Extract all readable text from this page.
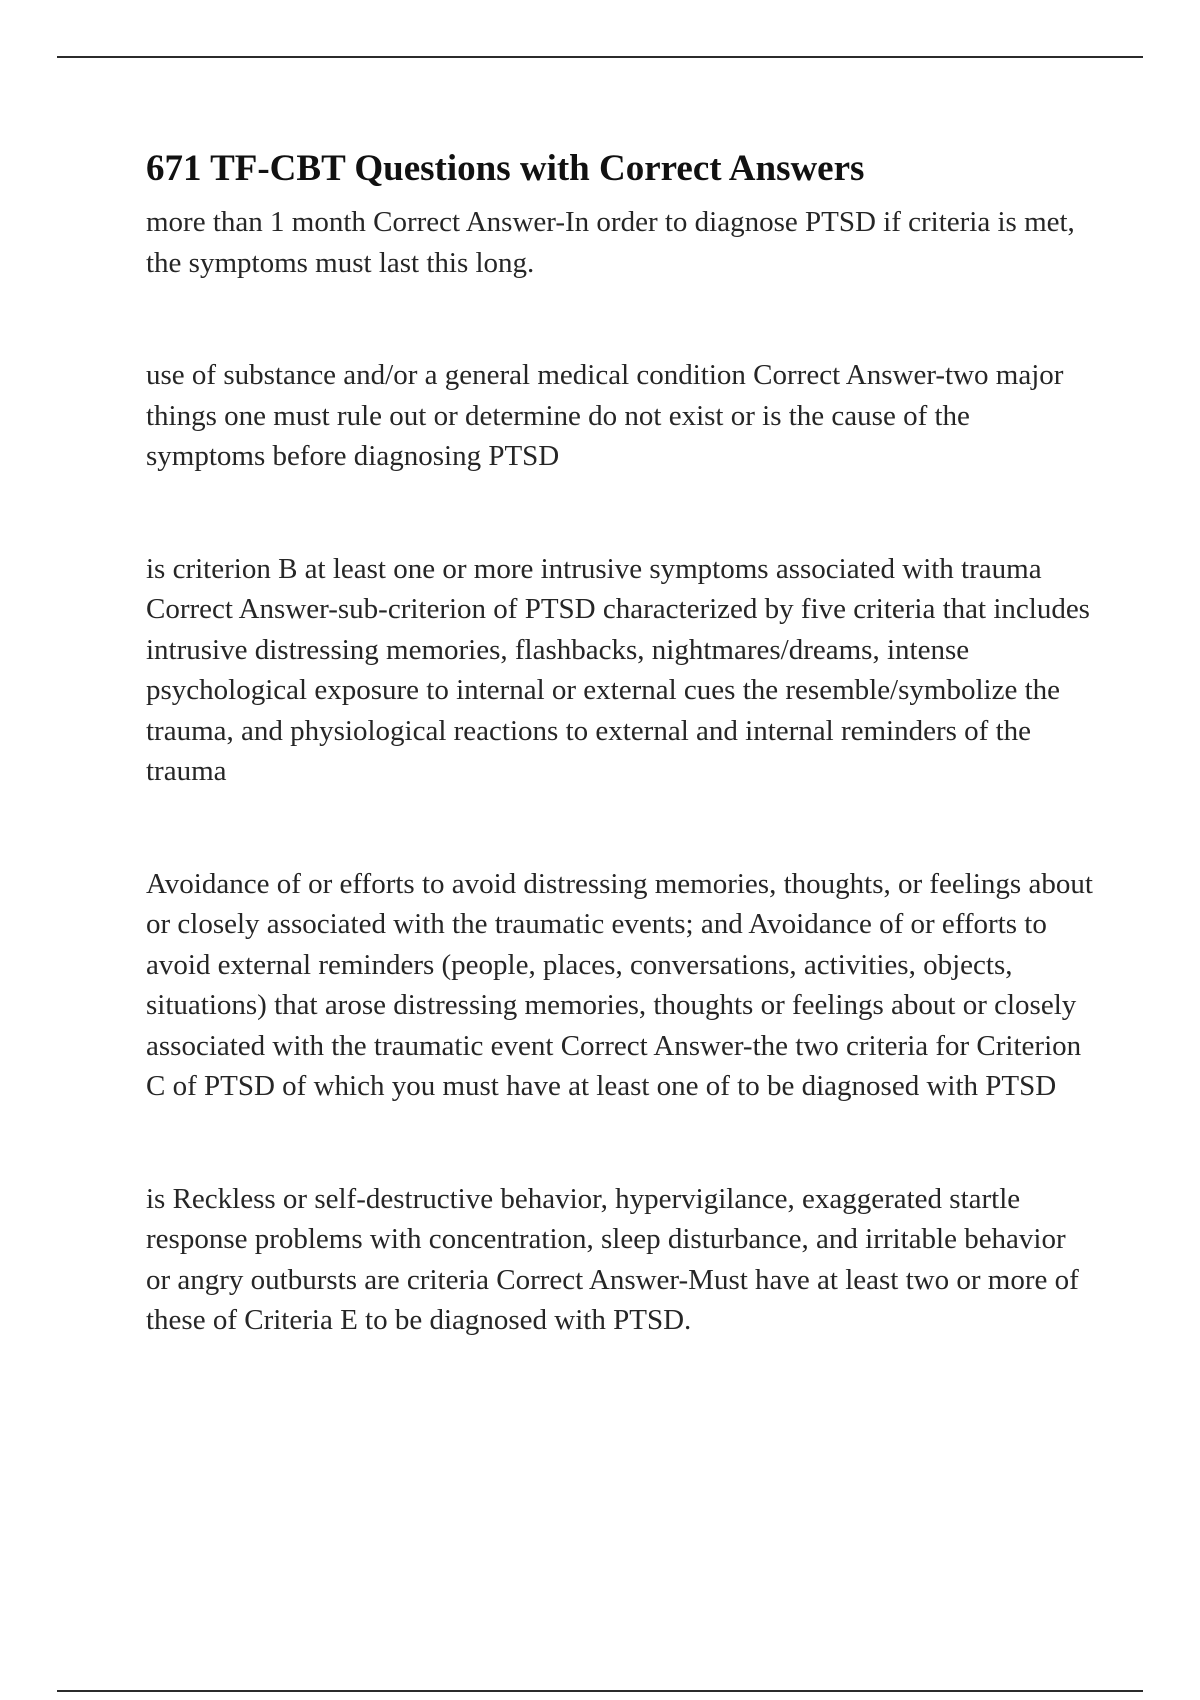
671 TF-CBT Questions with Correct Answers

more than 1 month Correct Answer-In order to diagnose PTSD if criteria is met, the symptoms must last this long.

use of substance and/or a general medical condition Correct Answer-two major things one must rule out or determine do not exist or is the cause of the symptoms before diagnosing PTSD

is criterion B at least one or more intrusive symptoms associated with trauma Correct Answer-sub-criterion of PTSD characterized by five criteria that includes intrusive distressing memories, flashbacks, nightmares/dreams, intense psychological exposure to internal or external cues the resemble/symbolize the trauma, and physiological reactions to external and internal reminders of the trauma

Avoidance of or efforts to avoid distressing memories, thoughts, or feelings about or closely associated with the traumatic events; and Avoidance of or efforts to avoid external reminders (people, places, conversations, activities, objects, situations) that arose distressing memories, thoughts or feelings about or closely associated with the traumatic event Correct Answer-the two criteria for Criterion C of PTSD of which you must have at least one of to be diagnosed with PTSD

is Reckless or self-destructive behavior, hypervigilance, exaggerated startle response problems with concentration, sleep disturbance, and irritable behavior or angry outbursts are criteria Correct Answer-Must have at least two or more of these of Criteria E to be diagnosed with PTSD.
